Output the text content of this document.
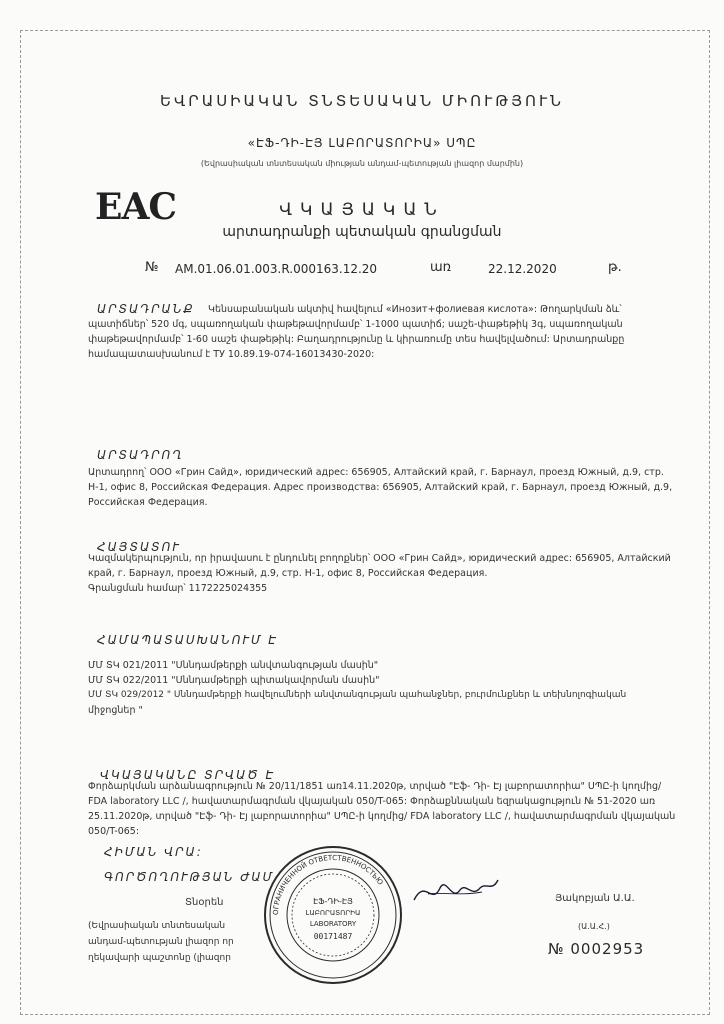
ԵՎՐԱՍԻԱԿԱՆ ՏՆՏԵՍԱԿԱՆ ՄԻՈՒԹՅՈՒՆ
«ԷՖ-ԴԻ-ԷՅ ԼԱԲՈՐԱՏՈՐԻԱ» ՍՊԸ
(Եվրասիական տնտեսական միության անդամ-պետության լիազոր մարմին)
EAC	ՎԿԱՅԱԿԱՆ
արտադրանքի պետական գրանցման
№ AM.01.06.01.003.R.000163.12.20	առ	22.12.2020	թ.
ԱՐՏԱԴՐԱՆՔ	Կենսաբանական ակտիվ հավելում «Инозит+фолиевая кислота»: Թողարկման ձև՝ պատիճներ՝ 520 մգ, սպառողական փաթեթավորմամբ՝ 1-1000 պատիճ; սաշե-փաթեթիկ 3գ, սպառողական փաթեթավորմամբ՝ 1-60 սաշե փաթեթիկ: Բաղադրությունը և կիրառումը տես հավելվածում: Արտադրանքը համապատասխանում է ТУ 10.89.19-074-16013430-2020:
ԱՐՏԱԴՐՈՂ
Արտադրող՝ ООО «Грин Сайд», юридический адрес: 656905, Алтайский край, г. Барнаул, проезд Южный, д.9, стр. Н-1, офис 8, Российская Федерация. Адрес производства: 656905, Алтайский край, г. Барнаул, проезд Южный, д.9, Российская Федерация.
ՀԱՅՏԱՏՈՒ
Կազմակերպություն, որ իրավասու է ընդունել բողոքներ՝ ООО «Грин Сайд», юридический адрес: 656905, Алтайский край, г. Барнаул, проезд Южный, д.9, стр. Н-1, офис 8, Российская Федерация.
Գրանցման համար՝ 1172225024355
ՀԱՄԱՊԱՏԱՍԽԱՆՈՒՄ Է
ՄՄ ՏԿ 021/2011 "Սննդամթերքի անվտանգության մասին"
ՄՄ ՏԿ 022/2011 "Սննդամթերքի պիտակավորման մասին"
ՄՄ ՏԿ 029/2012 " Սննդամթերքի հավելումների անվտանգության պահանջներ, բուրմունքներ և տեխնոլոգիական
միջոցներ "
ՎԿԱՅԱԿԱՆԸ ՏՐՎԱԾ Է
Փորձարկման արձանագրություն № 20/11/1851 առ14.11.2020թ, տրված "Էֆ- Դի- Էյ լաբորատորիա" ՍՊԸ-ի կողմից/ FDA laboratory LLC /, հավատարմագրման վկայական 050/T-065: Փորձաքննական եզրակացություն № 51-2020 առ 25.11.2020թ, տրված "Էֆ- Դի- Էյ լաբորատորիա" ՍՊԸ-ի կողմից/ FDA laboratory LLC /, հավատարմագրման վկայական 050/T-065:
ՀԻՄԱՆ ՎՐԱ:
ԳՈՐԾՈՂՈՒԹՅԱՆ ԺԱՄ
Տնօրեն
(Եվրասիական տնտեսական
անդամ-պետության լիազոր որ
ղեկավարի պաշտոնը (լիազոր
Յակոբյան Ա.Ա.
(Ա.Ա.Հ.)
№ 0002953
ОГРАНИЧЕННОЙ ОТВЕТСТВЕННОСТЬЮ
ԷՖ-ԴԻ-ԷՅ
ԼԱԲՈՐԱՏՈՐԻԱ
LABORATORY
00171487
